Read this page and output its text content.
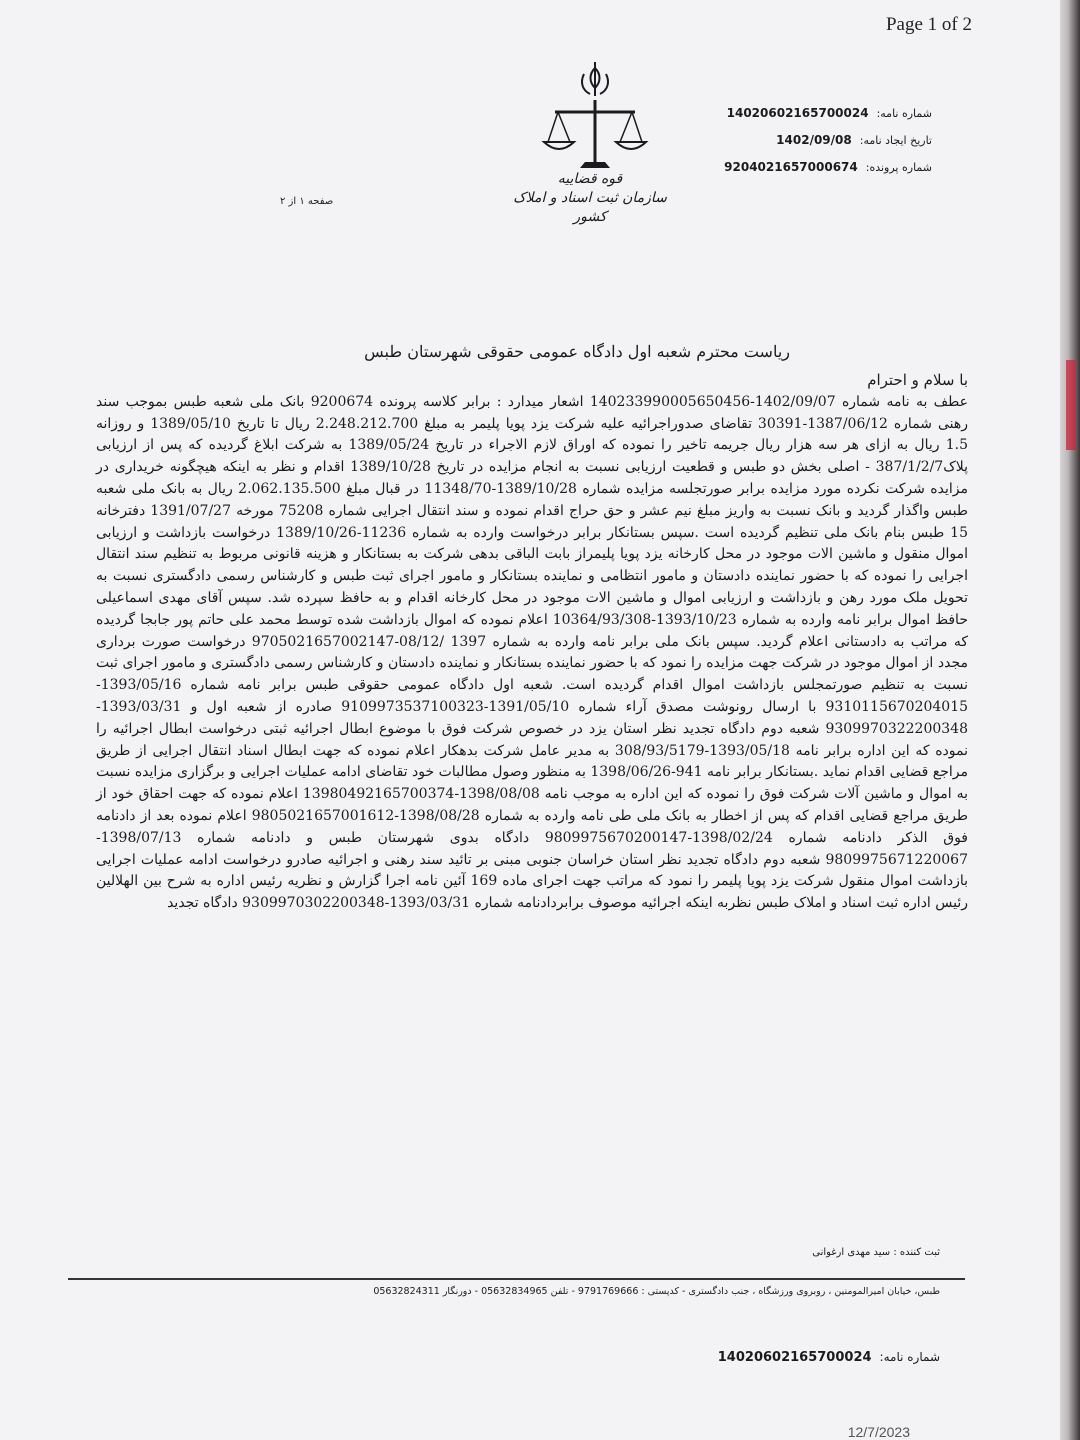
Page 1 of 2
قوه قضاییه
سازمان ثبت اسناد و املاک کشور
شماره نامه:14020602165700024
تاریخ ایجاد نامه:1402/09/08
شماره پرونده:9204021657000674
صفحه ۱ از ۲
ریاست محترم شعبه اول دادگاه عمومی حقوقی شهرستان طبس

با سلام و احترام

عطف به نامه شماره 1402/09/07-140233990005650456 اشعار میدارد : برابر کلاسه پرونده 9200674 بانک ملی شعبه طبس بموجب سند رهنی شماره 1387/06/12-30391 تقاضای صدوراجرائیه علیه شرکت یزد پویا پلیمر به مبلغ 2.248.212.700 ریال تا تاریخ 1389/05/10 و روزانه 1.5 ریال به ازای هر سه هزار ریال جریمه تاخیر را نموده که اوراق لازم الاجراء در تاریخ 1389/05/24 به شرکت ابلاغ گردیده که پس از ارزیابی پلاک387/1/2/7 - اصلی بخش دو طبس و قطعیت ارزیابی نسبت به انجام مزایده در تاریخ 1389/10/28 اقدام و نظر به اینکه هیچگونه خریداری در مزایده شرکت نکرده مورد مزایده برابر صورتجلسه مزایده شماره 1389/10/28-11348/70 در قبال مبلغ 2.062.135.500 ریال به بانک ملی شعبه طبس واگذار گردید و بانک نسبت به واریز مبلغ نیم عشر و حق حراج اقدام نموده و سند انتقال اجرایی شماره 75208 مورخه 1391/07/27 دفترخانه 15 طبس بنام بانک ملی تنظیم گردیده است .سپس بستانکار برابر درخواست وارده به شماره 11236-1389/10/26 درخواست بازداشت و ارزیابی اموال منقول و ماشین الات موجود در محل کارخانه یزد پویا پلیمراز بابت الباقی بدهی شرکت به بستانکار و هزینه قانونی مربوط به تنظیم سند انتقال اجرایی را نموده که با حضور نماینده دادستان و مامور انتظامی و نماینده بستانکار و مامور اجرای ثبت طبس و کارشناس رسمی دادگستری نسبت به تحویل ملک مورد رهن و بازداشت و ارزیابی اموال و ماشین الات موجود در محل کارخانه اقدام و به حافظ سپرده شد. سپس آقای مهدی اسماعیلی حافظ اموال برابر نامه وارده به شماره 1393/10/23-10364/93/308 اعلام نموده که اموال بازداشت شده توسط محمد علی حاتم پور جابجا گردیده که مراتب به دادستانی اعلام گردید. سپس بانک ملی برابر نامه وارده به شماره 1397 /08/12-9705021657002147 درخواست صورت برداری مجدد از اموال موجود در شرکت جهت مزایده را نمود که با حضور نماینده بستانکار و نماینده دادستان و کارشناس رسمی دادگستری و مامور اجرای ثبت نسبت به تنظیم صورتمجلس بازداشت اموال اقدام گردیده است. شعبه اول دادگاه عمومی حقوقی طبس برابر نامه شماره 1393/05/16-9310115670204015 با ارسال رونوشت مصدق آراء شماره 1391/05/10-9109973537100323 صادره از شعبه اول و 1393/03/31-9309970322200348 شعبه دوم دادگاه تجدید نظر استان یزد در خصوص شرکت فوق با موضوع ابطال اجرائیه ثبتی درخواست ابطال اجرائیه را نموده که این اداره برابر نامه 1393/05/18-308/93/5179 به مدیر عامل شرکت بدهکار اعلام نموده که جهت ابطال اسناد انتقال اجرایی از طریق مراجع قضایی اقدام نماید .بستانکار برابر نامه 941-1398/06/26 به منظور وصول مطالبات خود تقاضای ادامه عملیات اجرایی و برگزاری مزایده نسبت به اموال و ماشین آلات شرکت فوق را نموده که این اداره به موجب نامه 1398/08/08-13980492165700374 اعلام نموده که جهت احقاق خود از طریق مراجع قضایی اقدام که پس از اخطار به بانک ملی طی نامه وارده به شماره 1398/08/28-9805021657001612 اعلام نموده بعد از دادنامه فوق الذکر دادنامه شماره 1398/02/24-9809975670200147 دادگاه بدوی شهرستان طبس و دادنامه شماره 1398/07/13-9809975671220067 شعبه دوم دادگاه تجدید نظر استان خراسان جنوبی مبنی بر تائید سند رهنی و اجرائیه صادرو درخواست ادامه عملیات اجرایی بازداشت اموال منقول شرکت یزد پویا پلیمر را نمود که مراتب جهت اجرای ماده 169 آئین نامه اجرا گزارش و نظریه رئیس اداره به شرح بین الهلالین رئیس اداره ثبت اسناد و املاک طبس نظربه اینکه اجرائیه موصوف برابردادنامه شماره 1393/03/31-9309970302200348 دادگاه تجدید

ثبت کننده : سید مهدی ارغوانی
طبس، خیابان امیرالمومنین ، روبروی ورزشگاه ، جنب دادگستری - کدپستی : 9791769666 - تلفن 05632834965 - دورنگار 05632824311
شماره نامه:14020602165700024
12/7/2023
